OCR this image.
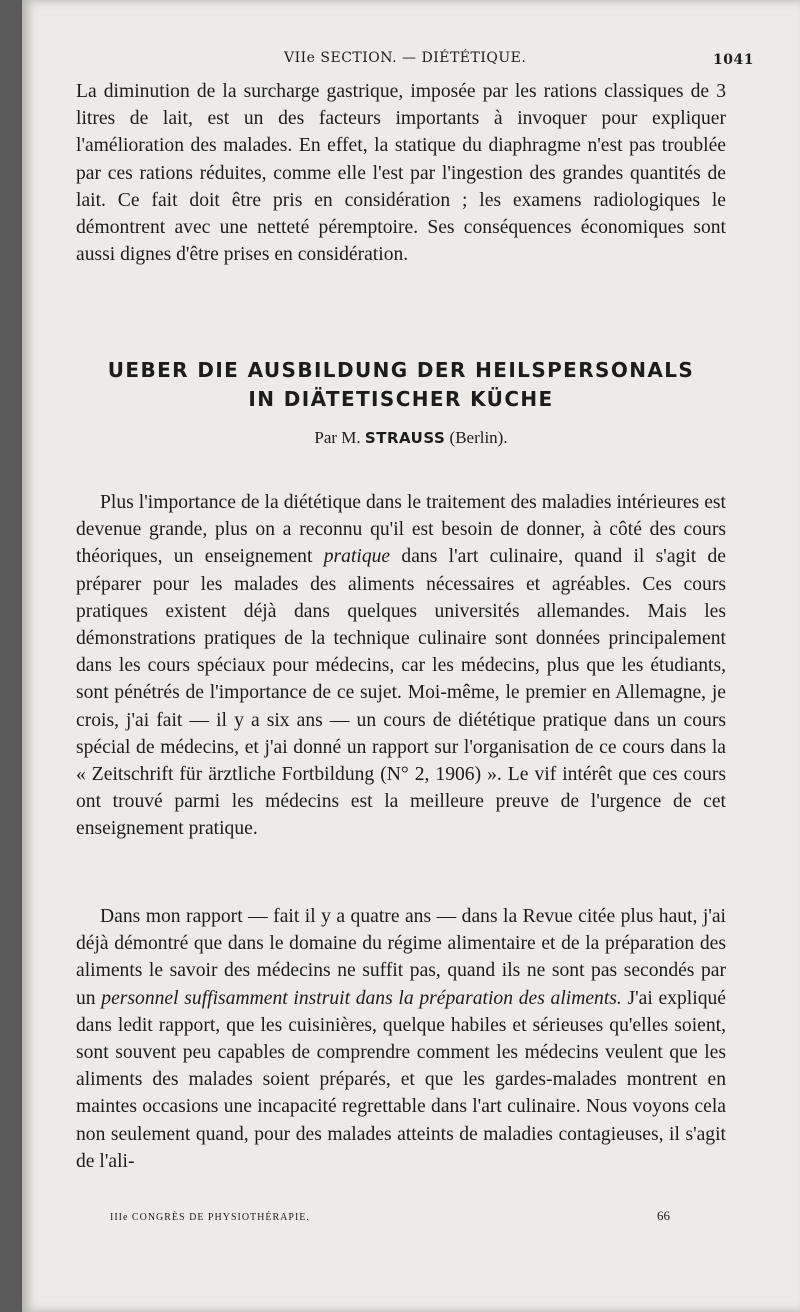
VIIe SECTION. — DIÉTÉTIQUE.	1041

La diminution de la surcharge gastrique, imposée par les rations classiques de 3 litres de lait, est un des facteurs importants à invoquer pour expliquer l'amélioration des malades. En effet, la statique du diaphragme n'est pas troublée par ces rations réduites, comme elle l'est par l'ingestion des grandes quantités de lait. Ce fait doit être pris en considération ; les examens radiologiques le démontrent avec une netteté péremptoire. Ses conséquences économiques sont aussi dignes d'être prises en considération.

UEBER DIE AUSBILDUNG DER HEILSPERSONALS
IN DIÄTETISCHER KÜCHE
Par M. STRAUSS (Berlin).

Plus l'importance de la diététique dans le traitement des maladies intérieures est devenue grande, plus on a reconnu qu'il est besoin de donner, à côté des cours théoriques, un enseignement pratique dans l'art culinaire, quand il s'agit de préparer pour les malades des aliments nécessaires et agréables. Ces cours pratiques existent déjà dans quelques universités allemandes. Mais les démonstrations pratiques de la technique culinaire sont données principalement dans les cours spéciaux pour médecins, car les médecins, plus que les étudiants, sont pénétrés de l'importance de ce sujet. Moi-même, le premier en Allemagne, je crois, j'ai fait — il y a six ans — un cours de diététique pratique dans un cours spécial de médecins, et j'ai donné un rapport sur l'organisation de ce cours dans la « Zeitschrift für ärztliche Fortbildung (N° 2, 1906) ». Le vif intérêt que ces cours ont trouvé parmi les médecins est la meilleure preuve de l'urgence de cet enseignement pratique.

Dans mon rapport — fait il y a quatre ans — dans la Revue citée plus haut, j'ai déjà démontré que dans le domaine du régime alimentaire et de la préparation des aliments le savoir des médecins ne suffit pas, quand ils ne sont pas secondés par un personnel suffisamment instruit dans la préparation des aliments. J'ai expliqué dans ledit rapport, que les cuisinières, quelque habiles et sérieuses qu'elles soient, sont souvent peu capables de comprendre comment les médecins veulent que les aliments des malades soient préparés, et que les gardes-malades montrent en maintes occasions une incapacité regrettable dans l'art culinaire. Nous voyons cela non seulement quand, pour des malades atteints de maladies contagieuses, il s'agit de l'ali-

IIIe CONGRÈS DE PHYSIOTHÉRAPIE.	66
